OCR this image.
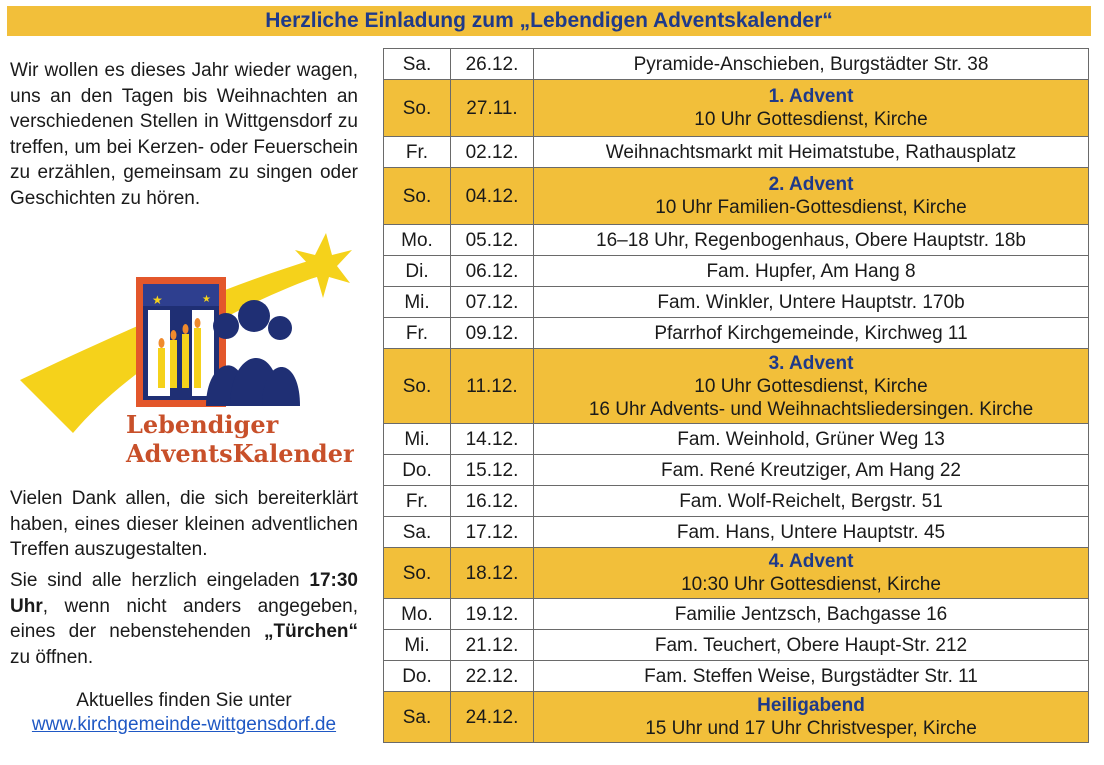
Herzliche Einladung zum „Lebendigen Adventskalender“

Wir wollen es dieses Jahr wieder wagen, uns an den Tagen bis Weihnachten an verschiedenen Stellen in Wittgensdorf zu treffen, um bei Kerzen- oder Feuerschein zu erzählen, gemeinsam zu singen oder Geschichten zu hören.

★	★
Lebendiger
AdventsKalender

Vielen Dank allen, die sich bereiterklärt haben, eines dieser kleinen adventlichen Treffen auszugestalten.

Sie sind alle herzlich eingeladen 17:30 Uhr, wenn nicht anders angegeben, eines der nebenstehenden „Türchen“ zu öffnen.

Aktuelles finden Sie unter
www.kirchgemeinde-wittgensdorf.de
Sa.	26.12.	Pyramide-Anschieben, Burgstädter Str. 38

So.	27.11.	1. Advent
10 Uhr Gottesdienst, Kirche

Fr.	02.12.	Weihnachtsmarkt mit Heimatstube, Rathausplatz

So.	04.12.	2. Advent
10 Uhr Familien-Gottesdienst, Kirche

Mo.	05.12.	16–18 Uhr, Regenbogenhaus, Obere Hauptstr. 18b

Di.	06.12.	Fam. Hupfer, Am Hang 8

Mi.	07.12.	Fam. Winkler, Untere Hauptstr. 170b

Fr.	09.12.	Pfarrhof Kirchgemeinde, Kirchweg 11

So.	11.12.	3. Advent
10 Uhr Gottesdienst, Kirche
16 Uhr Advents- und Weihnachtsliedersingen. Kirche

Mi.	14.12.	Fam. Weinhold, Grüner Weg 13

Do.	15.12.	Fam. René Kreutziger, Am Hang 22

Fr.	16.12.	Fam. Wolf-Reichelt, Bergstr. 51

Sa.	17.12.	Fam. Hans, Untere Hauptstr. 45

So.	18.12.	4. Advent
10:30 Uhr Gottesdienst, Kirche

Mo.	19.12.	Familie Jentzsch, Bachgasse 16

Mi.	21.12.	Fam. Teuchert, Obere Haupt-Str. 212

Do.	22.12.	Fam. Steffen Weise, Burgstädter Str. 11

Sa.	24.12.	Heiligabend
15 Uhr und 17 Uhr Christvesper, Kirche
